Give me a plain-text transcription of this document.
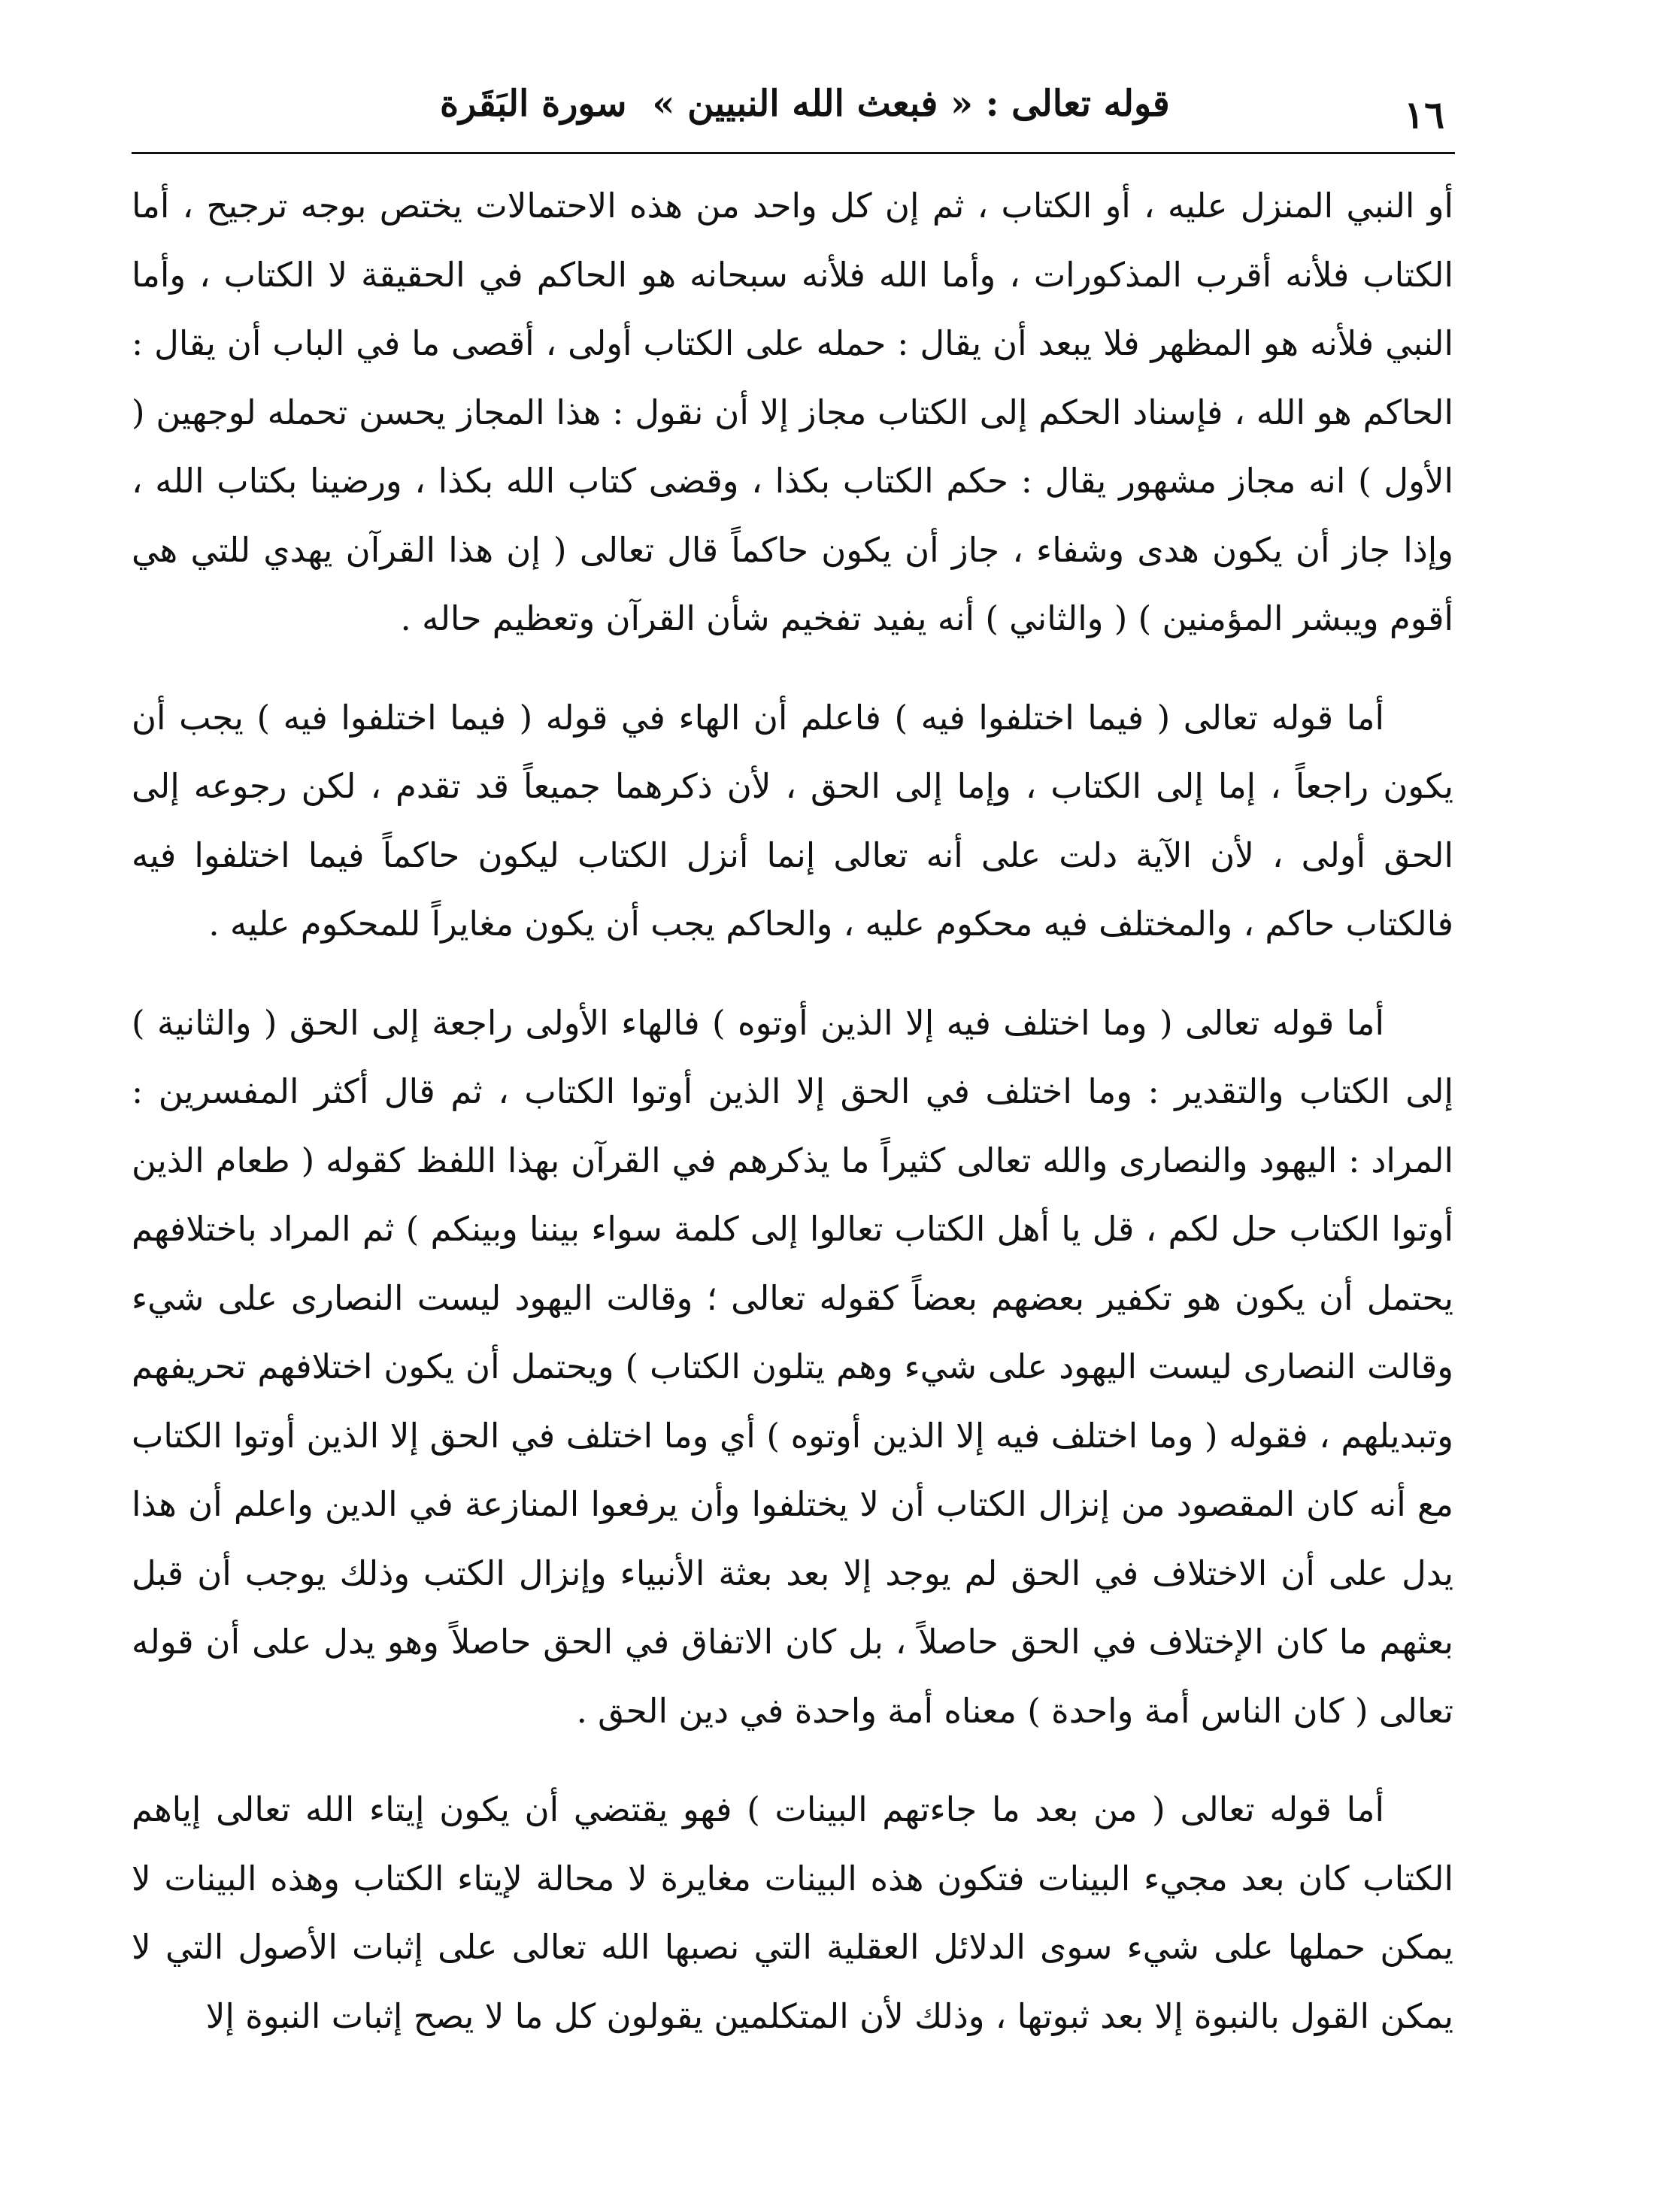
١٦
قوله تعالى : « فبعث الله النبيين »سورة البَقَرة

أو النبي المنزل عليه ، أو الكتاب ، ثم إن كل واحد من هذه الاحتمالات يختص بوجه ترجيح ، أما الكتاب فلأنه أقرب المذكورات ، وأما الله فلأنه سبحانه هو الحاكم في الحقيقة لا الكتاب ، وأما النبي فلأنه هو المظهر فلا يبعد أن يقال : حمله على الكتاب أولى ، أقصى ما في الباب أن يقال : الحاكم هو الله ، فإسناد الحكم إلى الكتاب مجاز إلا أن نقول : هذا المجاز يحسن تحمله لوجهين ( الأول ) انه مجاز مشهور يقال : حكم الكتاب بكذا ، وقضى كتاب الله بكذا ، ورضينا بكتاب الله ، وإذا جاز أن يكون هدى وشفاء ، جاز أن يكون حاكماً قال تعالى ( إن هذا القرآن يهدي للتي هي أقوم ويبشر المؤمنين ) ( والثاني ) أنه يفيد تفخيم شأن القرآن وتعظيم حاله .

أما قوله تعالى ( فيما اختلفوا فيه ) فاعلم أن الهاء في قوله ( فيما اختلفوا فيه ) يجب أن يكون راجعاً ، إما إلى الكتاب ، وإما إلى الحق ، لأن ذكرهما جميعاً قد تقدم ، لكن رجوعه إلى الحق أولى ، لأن الآية دلت على أنه تعالى إنما أنزل الكتاب ليكون حاكماً فيما اختلفوا فيه فالكتاب حاكم ، والمختلف فيه محكوم عليه ، والحاكم يجب أن يكون مغايراً للمحكوم عليه .

أما قوله تعالى ( وما اختلف فيه إلا الذين أوتوه ) فالهاء الأولى راجعة إلى الحق ( والثانية ) إلى الكتاب والتقدير : وما اختلف في الحق إلا الذين أوتوا الكتاب ، ثم قال أكثر المفسرين : المراد : اليهود والنصارى والله تعالى كثيراً ما يذكرهم في القرآن بهذا اللفظ كقوله ( طعام الذين أوتوا الكتاب حل لكم ، قل يا أهل الكتاب تعالوا إلى كلمة سواء بيننا وبينكم ) ثم المراد باختلافهم يحتمل أن يكون هو تكفير بعضهم بعضاً كقوله تعالى ؛ وقالت اليهود ليست النصارى على شيء وقالت النصارى ليست اليهود على شيء وهم يتلون الكتاب ) ويحتمل أن يكون اختلافهم تحريفهم وتبديلهم ، فقوله ( وما اختلف فيه إلا الذين أوتوه ) أي وما اختلف في الحق إلا الذين أوتوا الكتاب مع أنه كان المقصود من إنزال الكتاب أن لا يختلفوا وأن يرفعوا المنازعة في الدين واعلم أن هذا يدل على أن الاختلاف في الحق لم يوجد إلا بعد بعثة الأنبياء وإنزال الكتب وذلك يوجب أن قبل بعثهم ما كان الإختلاف في الحق حاصلاً ، بل كان الاتفاق في الحق حاصلاً وهو يدل على أن قوله تعالى ( كان الناس أمة واحدة ) معناه أمة واحدة في دين الحق .

أما قوله تعالى ( من بعد ما جاءتهم البينات ) فهو يقتضي أن يكون إيتاء الله تعالى إياهم الكتاب كان بعد مجيء البينات فتكون هذه البينات مغايرة لا محالة لإيتاء الكتاب وهذه البينات لا يمكن حملها على شيء سوى الدلائل العقلية التي نصبها الله تعالى على إثبات الأصول التي لا يمكن القول بالنبوة إلا بعد ثبوتها ، وذلك لأن المتكلمين يقولون كل ما لا يصح إثبات النبوة إلا
